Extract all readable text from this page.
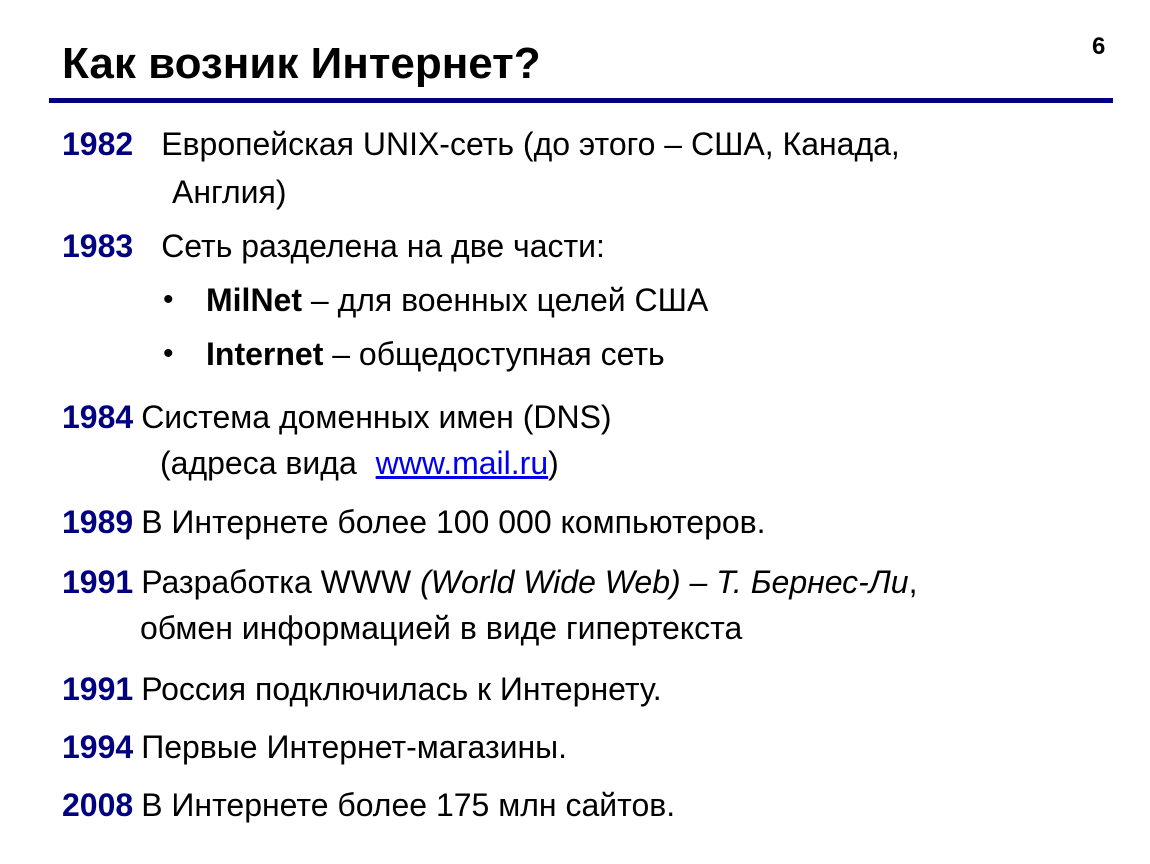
Как возник Интернет?	6
1982 Европейская UNIX-сеть (до этого – США, Канада,
Англия)
1983 Сеть разделена на две части:
• MilNet – для военных целей США
• Internet – общедоступная сеть
1984 Система доменных имен (DNS)
(адреса вида www.mail.ru)
1989 В Интернете более 100 000 компьютеров.
1991 Разработка WWW (World Wide Web) – Т. Бернес-Ли,
обмен информацией в виде гипертекста
1991 Россия подключилась к Интернету.
1994 Первые Интернет-магазины.
2008 В Интернете более 175 млн сайтов.
